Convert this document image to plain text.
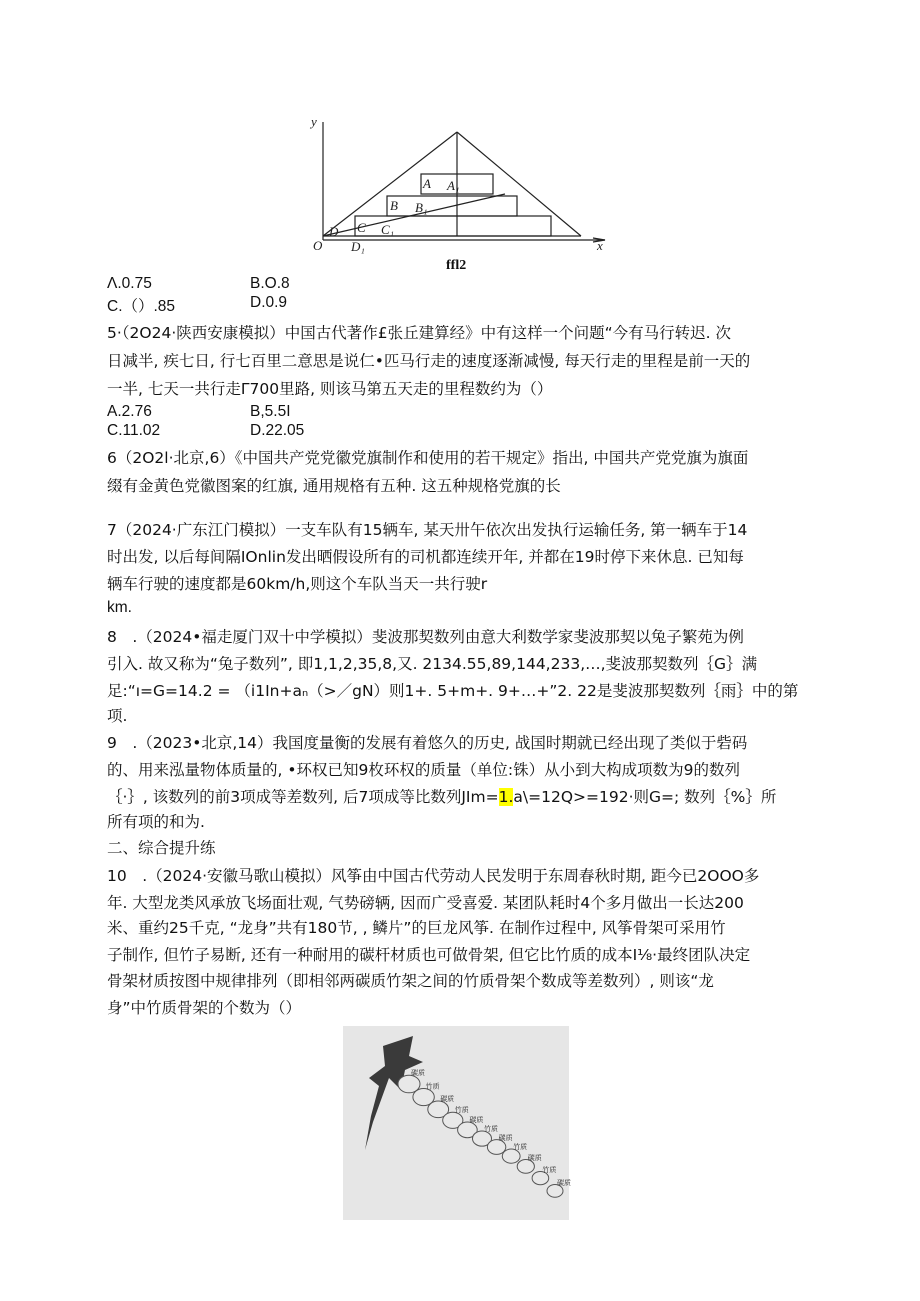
y
x
O
A A₁
B B₁
C C₁
D
D₁
ffl2
Λ.0.75	B.O.8
C.（）.85	D.0.9
5·（2O24·陕西安康模拟）中国古代著作£张丘建算经》中有这样一个问题“今有马行转迟. 次
日减半, 疾七日, 行七百里二意思是说仁•匹马行走的速度逐渐减慢, 每天行走的里程是前一天的
一半, 七天一共行走Γ700里路, 则该马第五天走的里程数约为（）
A.2.76	B,5.5I
C.11.02	D.22.05
6（2O2l·北京,6）《中国共产党党徽党旗制作和使用的若干规定》指出, 中国共产党党旗为旗面
缀有金黄色党徽图案的红旗, 通用规格有五种. 这五种规格党旗的长
7（2024·广东江门模拟）一支车队有15辆车, 某天卅午依次出发执行运输任务, 第一辆车于14
时出发, 以后每间隔IOnlin发出晒假设所有的司机都连续开年, 并都在19时停下来休息. 已知每
辆车行驶的速度都是60km/h,则这个车队当天一共行驶r
km.
8　.（2024•福走厦门双十中学模拟）斐波那契数列由意大利数学家斐波那契以兔子繁苑为例
引入. 故又称为“兔子数列”, 即1,1,2,35,8,又. 2134.55,89,144,233,…,斐波那契数列｛G｝满
足:“ı=G=14.2 = （i1In+aₙ（>／gN）则1+. 5+m+. 9+…+”2. 22是斐波那契数列｛雨｝中的第
项.
9　.（2023•北京,14）我国度量衡的发展有着悠久的历史, 战国时期就已经出现了类似于砦码
的、用来泓量物体质量的, •环权已知9枚环权的质量（单位:铢）从小到大构成项数为9的数列
｛·｝, 该数列的前3项成等差数列, 后7项成等比数列JIm=1.a\=12Q>=192·则G=; 数列｛%｝所
所有项的和为.
二、综合提升练
10　.（2024·安徽马歌山模拟）风筝由中国古代劳动人民发明于东周春秋时期, 距今已2OOO多
年. 大型龙类风承放飞场面壮观, 气势磅辆, 因而广受喜爱. 某团队耗时4个多月做出一长达200
米、重约25千克, “龙身”共有180节, , 鳞片”的巨龙风筝. 在制作过程中, 风筝骨架可采用竹
碳质
竹质
碳质
竹质
碳质
竹质
碳质
竹质
碳质
竹质
碳质
子制作, 但竹子易断, 还有一种耐用的碳杆材质也可做骨架, 但它比竹质的成本I⅛·最终团队决定
骨架材质按图中规律排列（即相邻两碳质竹架之间的竹质骨架个数成等差数列）, 则该“龙
身”中竹质骨架的个数为（）
